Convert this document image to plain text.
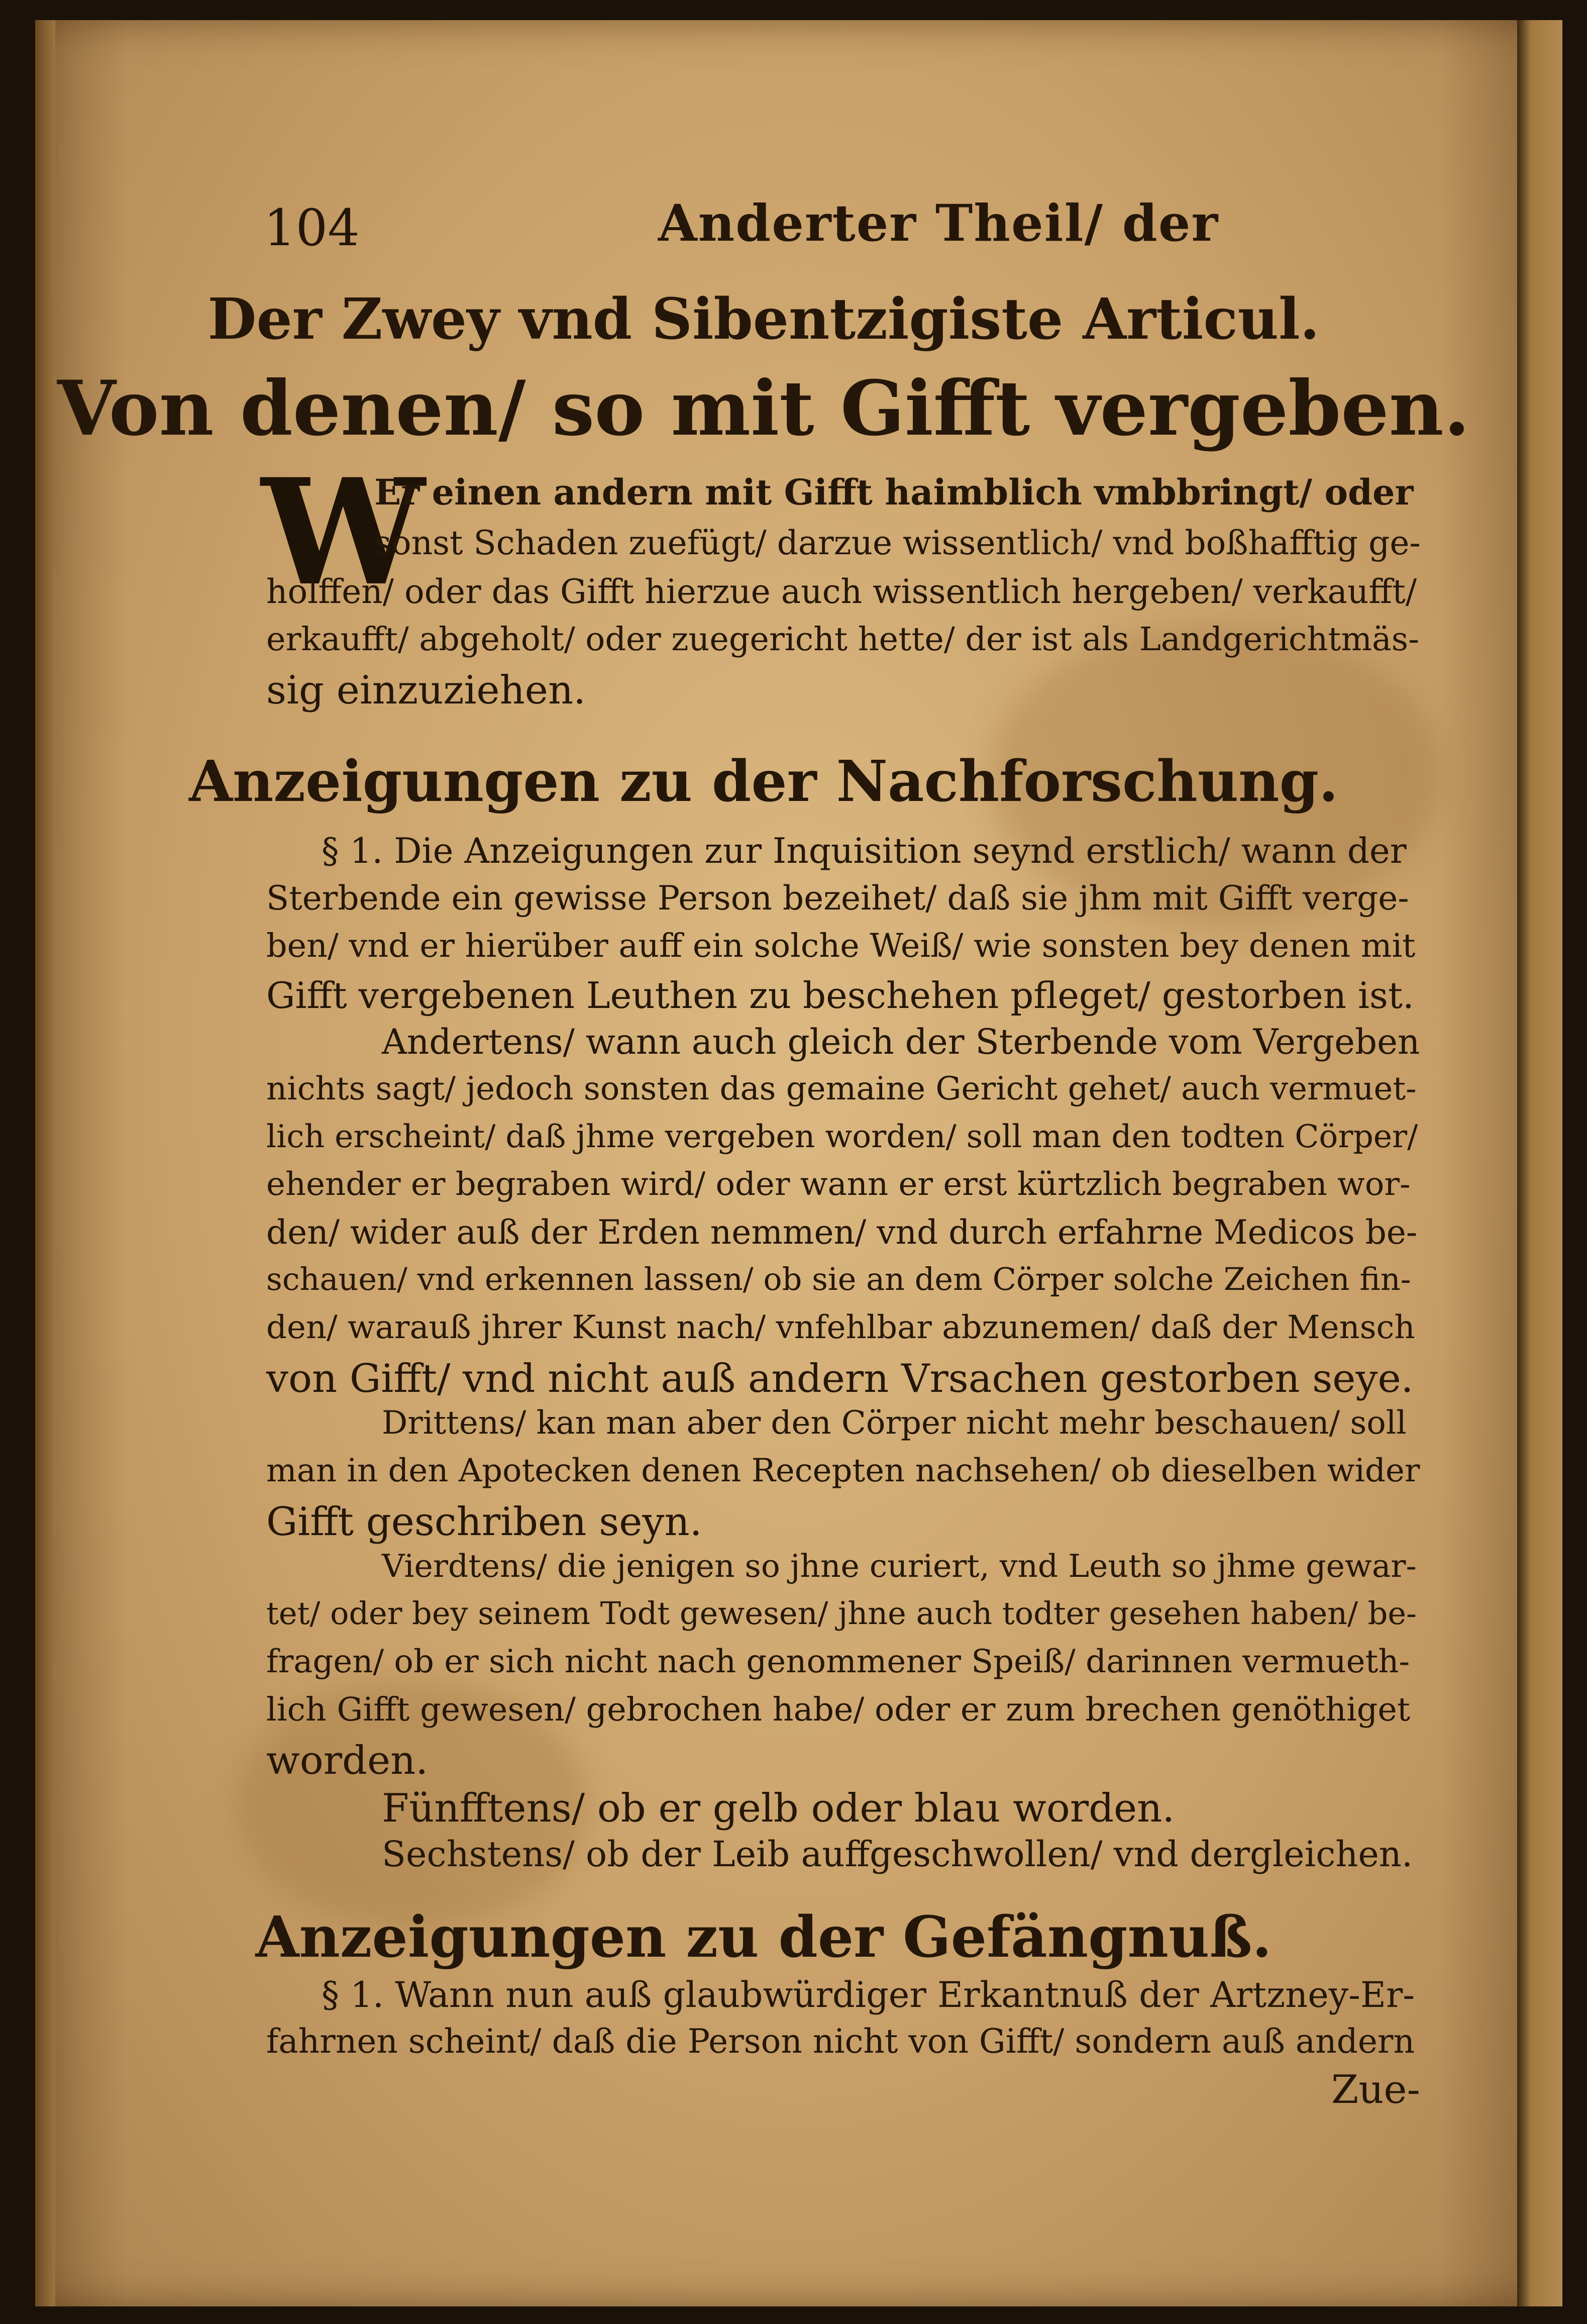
104	Anderter Theil/ der
Der Zwey vnd Sibentzigiste Articul.
Von denen/ so mit Gifft vergeben.
W
Er einen andern mit Gifft haimblich vmbbringt/ oder
sonst Schaden zuefügt/ darzue wissentlich/ vnd boßhafftig ge-
holffen/ oder das Gifft hierzue auch wissentlich hergeben/ verkaufft/
erkaufft/ abgeholt/ oder zuegericht hette/ der ist als Landgerichtmäs-
sig einzuziehen.
Anzeigungen zu der Nachforschung.
§ 1. Die Anzeigungen zur Inquisition seynd erstlich/ wann der
Sterbende ein gewisse Person bezeihet/ daß sie jhm mit Gifft verge-
ben/ vnd er hierüber auff ein solche Weiß/ wie sonsten bey denen mit
Gifft vergebenen Leuthen zu beschehen pfleget/ gestorben ist.
Andertens/ wann auch gleich der Sterbende vom Vergeben
nichts sagt/ jedoch sonsten das gemaine Gericht gehet/ auch vermuet-
lich erscheint/ daß jhme vergeben worden/ soll man den todten Cörper/
ehender er begraben wird/ oder wann er erst kürtzlich begraben wor-
den/ wider auß der Erden nemmen/ vnd durch erfahrne Medicos be-
schauen/ vnd erkennen lassen/ ob sie an dem Cörper solche Zeichen fin-
den/ warauß jhrer Kunst nach/ vnfehlbar abzunemen/ daß der Mensch
von Gifft/ vnd nicht auß andern Vrsachen gestorben seye.
Drittens/ kan man aber den Cörper nicht mehr beschauen/ soll
man in den Apotecken denen Recepten nachsehen/ ob dieselben wider
Gifft geschriben seyn.
Vierdtens/ die jenigen so jhne curiert, vnd Leuth so jhme gewar-
tet/ oder bey seinem Todt gewesen/ jhne auch todter gesehen haben/ be-
fragen/ ob er sich nicht nach genommener Speiß/ darinnen vermueth-
lich Gifft gewesen/ gebrochen habe/ oder er zum brechen genöthiget
worden.
Fünfftens/ ob er gelb oder blau worden.
Sechstens/ ob der Leib auffgeschwollen/ vnd dergleichen.
Anzeigungen zu der Gefängnuß.
§ 1. Wann nun auß glaubwürdiger Erkantnuß der Artzney-Er-
fahrnen scheint/ daß die Person nicht von Gifft/ sondern auß andern
Zue-
